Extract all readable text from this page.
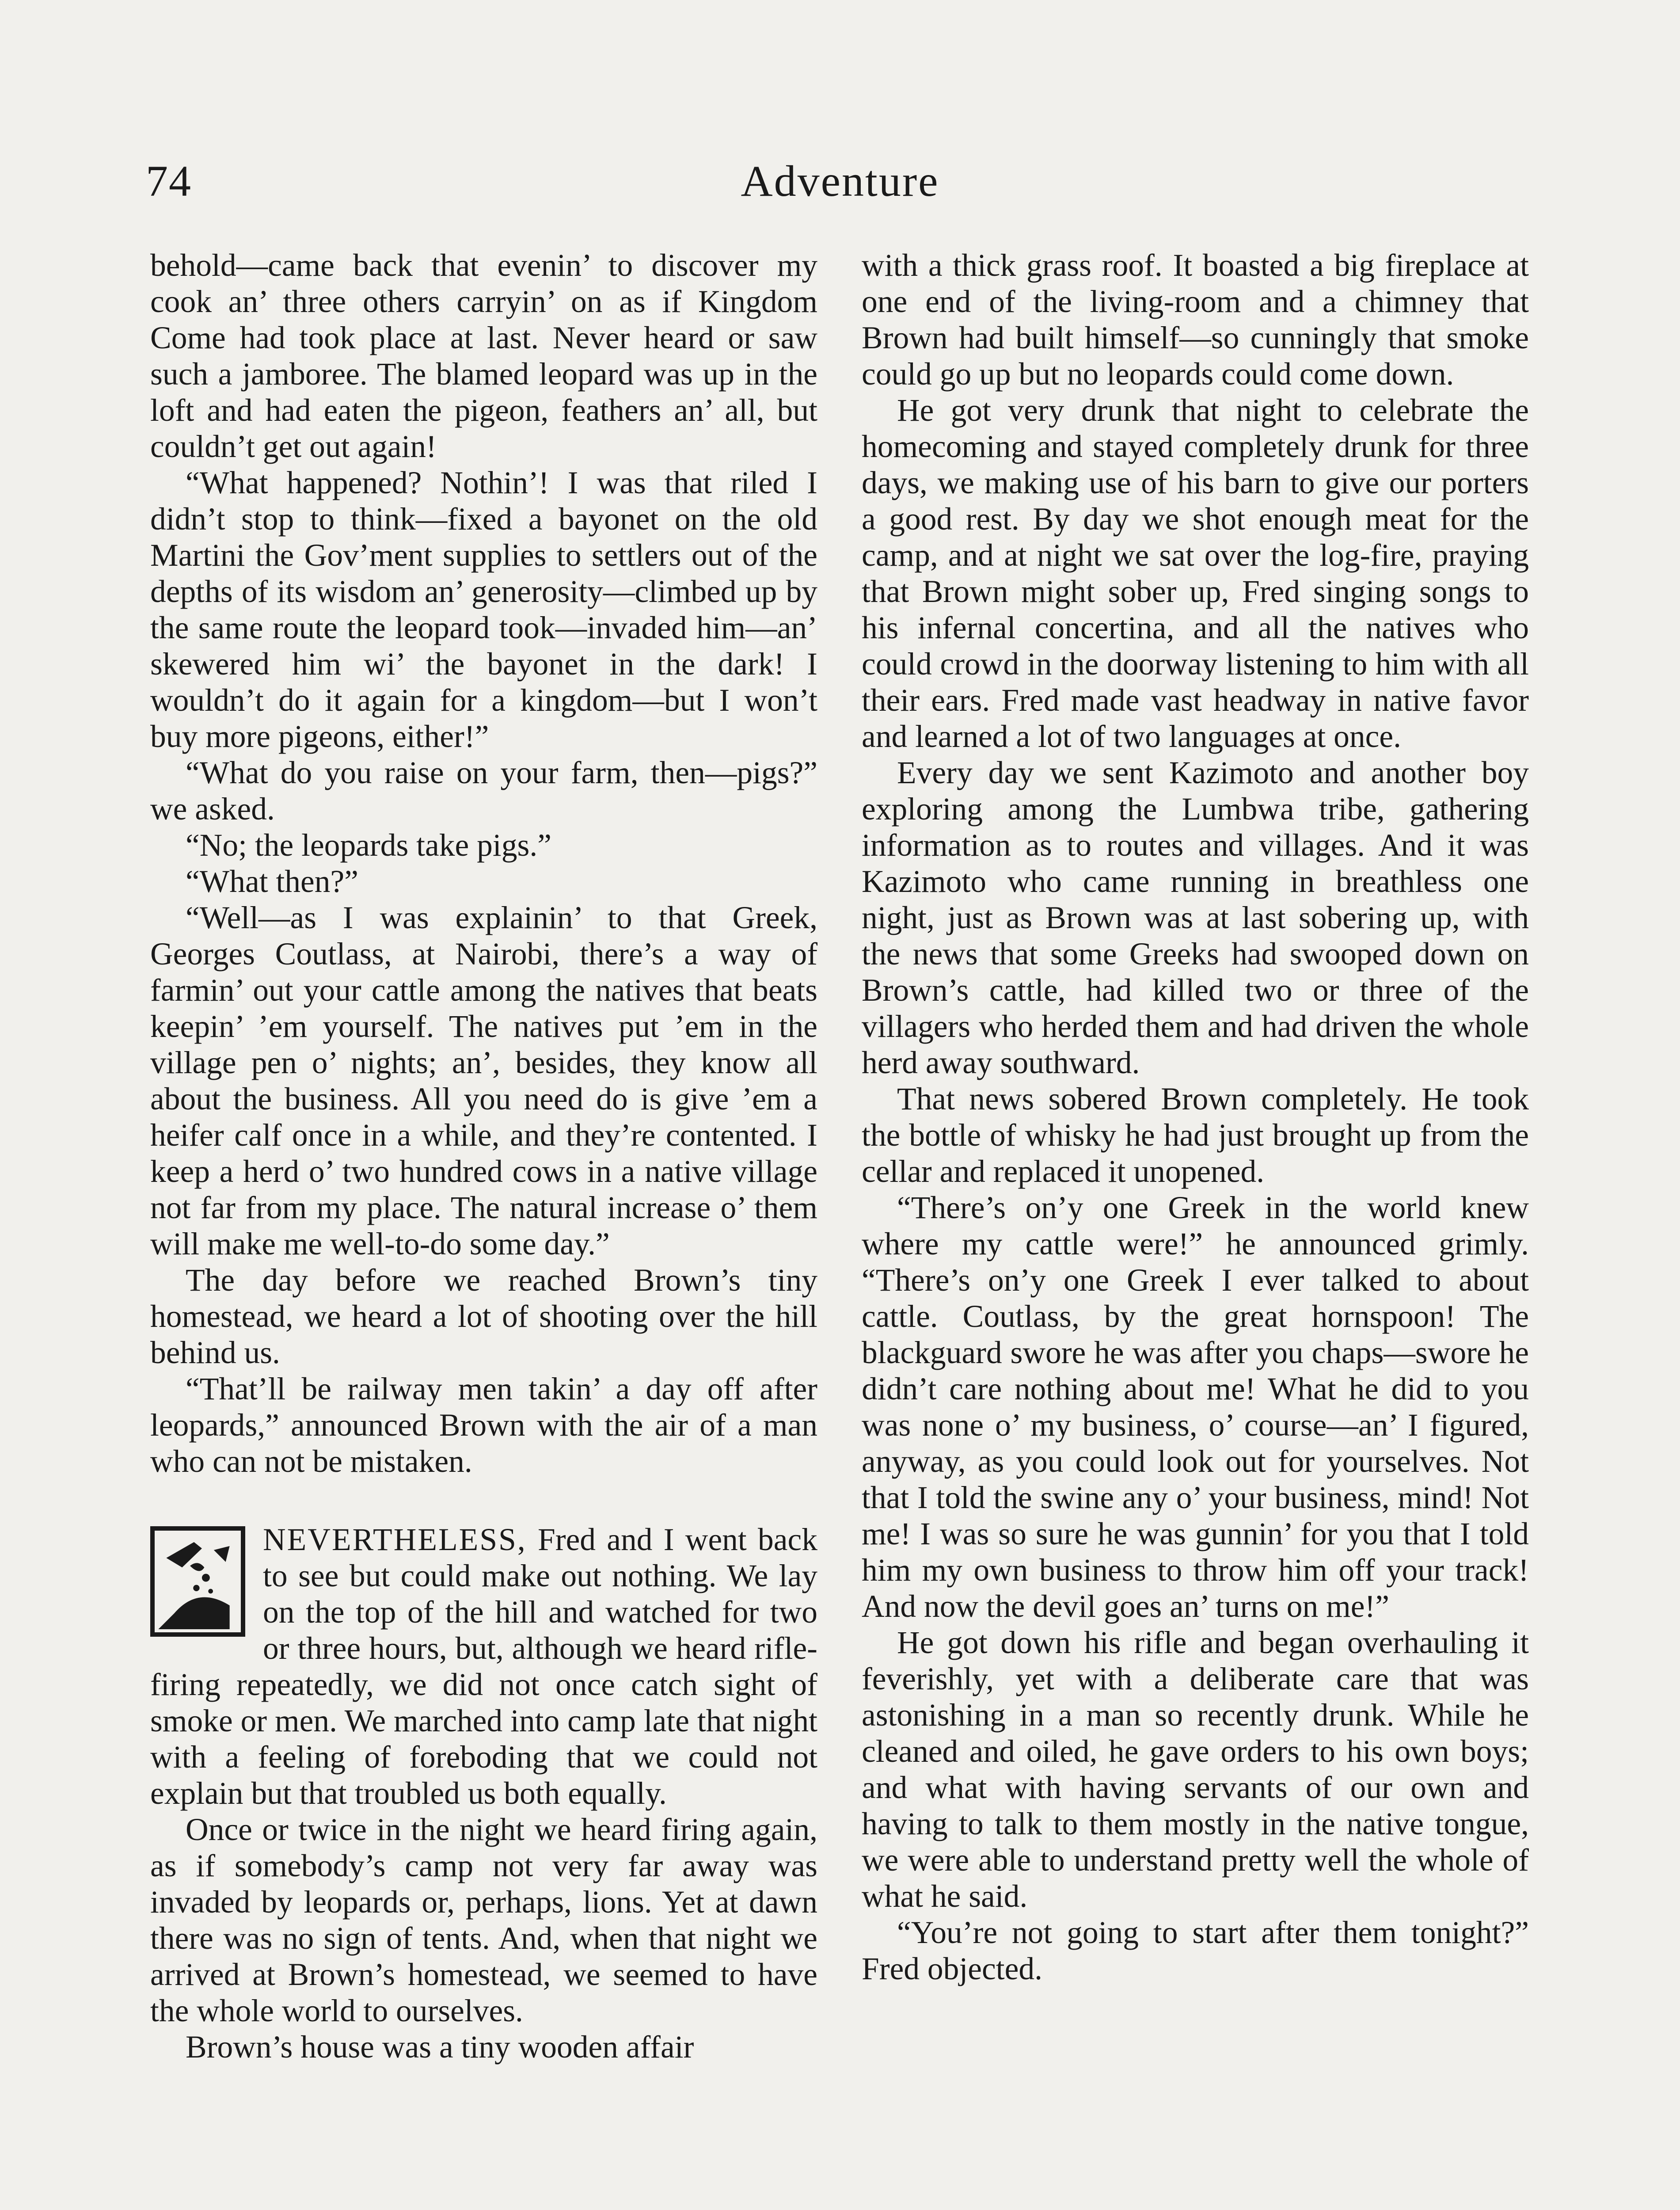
74	Adventure

behold—came back that evenin’ to discover my cook an’ three others carryin’ on as if Kingdom Come had took place at last. Never heard or saw such a jamboree. The blamed leopard was up in the loft and had eaten the pigeon, feathers an’ all, but couldn’t get out again!

“What happened? Nothin’! I was that riled I didn’t stop to think—fixed a bayonet on the old Martini the Gov’ment supplies to settlers out of the depths of its wisdom an’ generosity—climbed up by the same route the leopard took—invaded him—an’ skewered him wi’ the bayonet in the dark! I wouldn’t do it again for a kingdom—but I won’t buy more pigeons, either!”

“What do you raise on your farm, then—pigs?” we asked.

“No; the leopards take pigs.”

“What then?”

“Well—as I was explainin’ to that Greek, Georges Coutlass, at Nairobi, there’s a way of farmin’ out your cattle among the natives that beats keepin’ ’em yourself. The natives put ’em in the village pen o’ nights; an’, besides, they know all about the business. All you need do is give ’em a heifer calf once in a while, and they’re contented. I keep a herd o’ two hundred cows in a native village not far from my place. The natural increase o’ them will make me well-to-do some day.”

The day before we reached Brown’s tiny homestead, we heard a lot of shooting over the hill behind us.

“That’ll be railway men takin’ a day off after leopards,” announced Brown with the air of a man who can not be mistaken.

NEVERTHELESS, Fred and I went back to see but could make out nothing. We lay on the top of the hill and watched for two or three hours, but, although we heard rifle-firing repeatedly, we did not once catch sight of smoke or men. We marched into camp late that night with a feeling of foreboding that we could not explain but that troubled us both equally.

Once or twice in the night we heard firing again, as if somebody’s camp not very far away was invaded by leopards or, perhaps, lions. Yet at dawn there was no sign of tents. And, when that night we arrived at Brown’s homestead, we seemed to have the whole world to ourselves.

Brown’s house was a tiny wooden affair

with a thick grass roof. It boasted a big fireplace at one end of the living-room and a chimney that Brown had built himself—so cunningly that smoke could go up but no leopards could come down.

He got very drunk that night to celebrate the homecoming and stayed completely drunk for three days, we making use of his barn to give our porters a good rest. By day we shot enough meat for the camp, and at night we sat over the log-fire, praying that Brown might sober up, Fred singing songs to his infernal concertina, and all the natives who could crowd in the doorway listening to him with all their ears. Fred made vast headway in native favor and learned a lot of two languages at once.

Every day we sent Kazimoto and another boy exploring among the Lumbwa tribe, gathering information as to routes and villages. And it was Kazimoto who came running in breathless one night, just as Brown was at last sobering up, with the news that some Greeks had swooped down on Brown’s cattle, had killed two or three of the villagers who herded them and had driven the whole herd away southward.

That news sobered Brown completely. He took the bottle of whisky he had just brought up from the cellar and replaced it unopened.

“There’s on’y one Greek in the world knew where my cattle were!” he announced grimly. “There’s on’y one Greek I ever talked to about cattle. Coutlass, by the great hornspoon! The blackguard swore he was after you chaps—swore he didn’t care nothing about me! What he did to you was none o’ my business, o’ course—an’ I figured, anyway, as you could look out for yourselves. Not that I told the swine any o’ your business, mind! Not me! I was so sure he was gunnin’ for you that I told him my own business to throw him off your track! And now the devil goes an’ turns on me!”

He got down his rifle and began overhauling it feverishly, yet with a deliberate care that was astonishing in a man so recently drunk. While he cleaned and oiled, he gave orders to his own boys; and what with having servants of our own and having to talk to them mostly in the native tongue, we were able to understand pretty well the whole of what he said.

“You’re not going to start after them tonight?” Fred objected.
